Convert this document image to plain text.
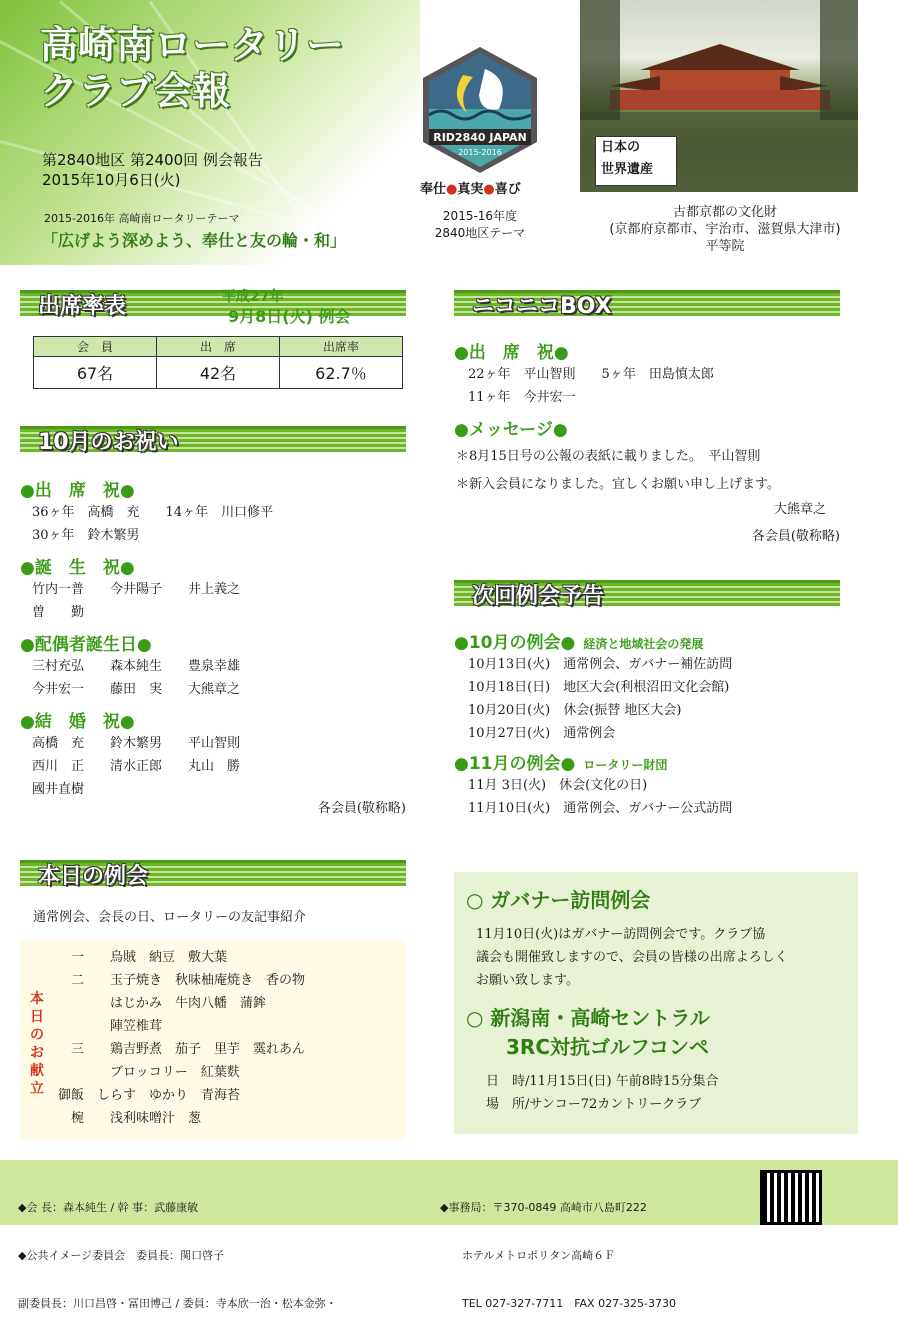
高崎南ロータリー
クラブ会報
第2840地区 第2400回 例会報告
2015年10月6日(火)
2015-2016年 高崎南ロータリーテーマ
「広げよう深めよう、奉仕と友の輪・和」
RID2840 JAPAN
2015-2016
奉仕●真実●喜び
2015-16年度
2840地区テーマ
日本の
世界遺産
古都京都の文化財
(京都府京都市、宇治市、滋賀県大津市)
平等院
出席率表	平成27年
9月8日(火) 例会
会　員	出　席	出席率
67名	42名	62.7％
10月のお祝い
●出　席　祝●
36ヶ年　高橋　充　　14ヶ年　川口修平
30ヶ年　鈴木繁男
●誕　生　祝●
竹内一普　　今井陽子　　井上義之
曽　　勤
●配偶者誕生日●
三村充弘　　森本純生　　豊泉幸雄
今井宏一　　藤田　実　　大熊章之
●結　婚　祝●
高橋　充　　鈴木繁男　　平山智則
西川　正　　清水正郎　　丸山　勝
國井直樹
各会員(敬称略)
本日の例会
通常例会、会長の日、ロータリーの友記事紹介
本
日
の
お
献
立
　一　　烏賊　納豆　敷大葉
　二　　玉子焼き　秋味柚庵焼き　香の物
　　　　はじかみ　牛肉八幡　蒲鉾
　　　　陣笠椎茸
　三　　鶏吉野煮　茄子　里芋　霙れあん
　　　　ブロッコリー　紅葉麩
御飯　しらす　ゆかり　青海苔
　椀　　浅利味噌汁　葱
ニコニコBOX
●出　席　祝●
22ヶ年　平山智則　　5ヶ年　田島慎太郎
11ヶ年　今井宏一
●メッセージ●
＊8月15日号の公報の表紙に載りました。　平山智則
＊新入会員になりました。宜しくお願い申し上げます。
大熊章之
各会員(敬称略)
次回例会予告
●10月の例会● 経済と地域社会の発展
10月13日(火)　通常例会、ガバナー補佐訪問
10月18日(日)　地区大会(利根沼田文化会館)
10月20日(火)　休会(振替 地区大会)
10月27日(火)　通常例会
●11月の例会● ロータリー財団
11月 3日(火)　休会(文化の日)
11月10日(火)　通常例会、ガバナー公式訪問
○ ガバナー訪問例会
11月10日(火)はガバナー訪問例会です。クラブ協
議会も開催致しますので、会員の皆様の出席よろしく
お願い致します。
○ 新潟南・高崎セントラル
3RC対抗ゴルフコンペ
日　時/11月15日(日) 午前8時15分集合
場　所/サンコー72カントリークラブ

◆会 長：森本純生 / 幹 事：武藤康敏

◆公共イメージ委員会　委員長：関口啓子

副委員長：川口昌啓・冨田博己 / 委員：寺本欣一治・松本金弥・

◆事務局：〒370-0849 高崎市八島町222

　　ホテルメトロポリタン高崎６Ｆ

　　TEL 027-327-7711　FAX 027-325-3730
